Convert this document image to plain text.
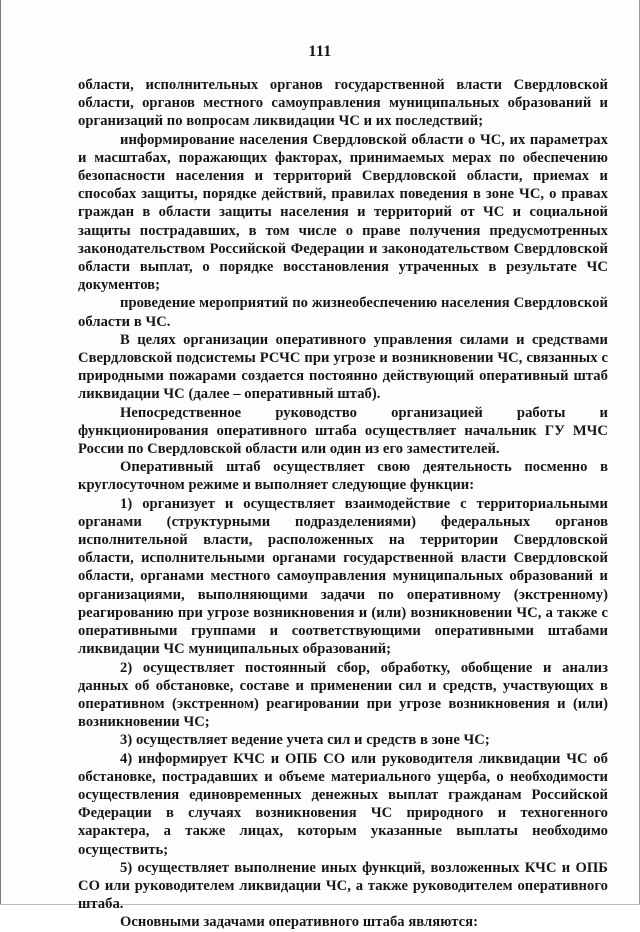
111

области, исполнительных органов государственной власти Свердловской области, органов местного самоуправления муниципальных образований и организаций по вопросам ликвидации ЧС и их последствий;

информирование населения Свердловской области о ЧС, их параметрах и масштабах, поражающих факторах, принимаемых мерах по обеспечению безопасности населения и территорий Свердловской области, приемах и способах защиты, порядке действий, правилах поведения в зоне ЧС, о правах граждан в области защиты населения и территорий от ЧС и социальной защиты пострадавших, в том числе о праве получения предусмотренных законодательством Российской Федерации и законодательством Свердловской области выплат, о порядке восстановления утраченных в результате ЧС документов;

проведение мероприятий по жизнеобеспечению населения Свердловской области в ЧС.

В целях организации оперативного управления силами и средствами Свердловской подсистемы РСЧС при угрозе и возникновении ЧС, связанных с природными пожарами создается постоянно действующий оперативный штаб ликвидации ЧС (далее – оперативный штаб).

Непосредственное руководство организацией работы и функционирования оперативного штаба осуществляет начальник ГУ МЧС России по Свердловской области или один из его заместителей.

Оперативный штаб осуществляет свою деятельность посменно в круглосуточном режиме и выполняет следующие функции:

1) организует и осуществляет взаимодействие с территориальными органами (структурными подразделениями) федеральных органов исполнительной власти, расположенных на территории Свердловской области, исполнительными органами государственной власти Свердловской области, органами местного самоуправления муниципальных образований и организациями, выполняющими задачи по оперативному (экстренному) реагированию при угрозе возникновения и (или) возникновении ЧС, а также с оперативными группами и соответствующими оперативными штабами ликвидации ЧС муниципальных образований;

2) осуществляет постоянный сбор, обработку, обобщение и анализ данных об обстановке, составе и применении сил и средств, участвующих в оперативном (экстренном) реагировании при угрозе возникновения и (или) возникновении ЧС;

3) осуществляет ведение учета сил и средств в зоне ЧС;

4) информирует КЧС и ОПБ СО или руководителя ликвидации ЧС об обстановке, пострадавших и объеме материального ущерба, о необходимости осуществления единовременных денежных выплат гражданам Российской Федерации в случаях возникновения ЧС природного и техногенного характера, а также лицах, которым указанные выплаты необходимо осуществить;

5) осуществляет выполнение иных функций, возложенных КЧС и ОПБ СО или руководителем ликвидации ЧС, а также руководителем оперативного штаба.

Основными задачами оперативного штаба являются:
